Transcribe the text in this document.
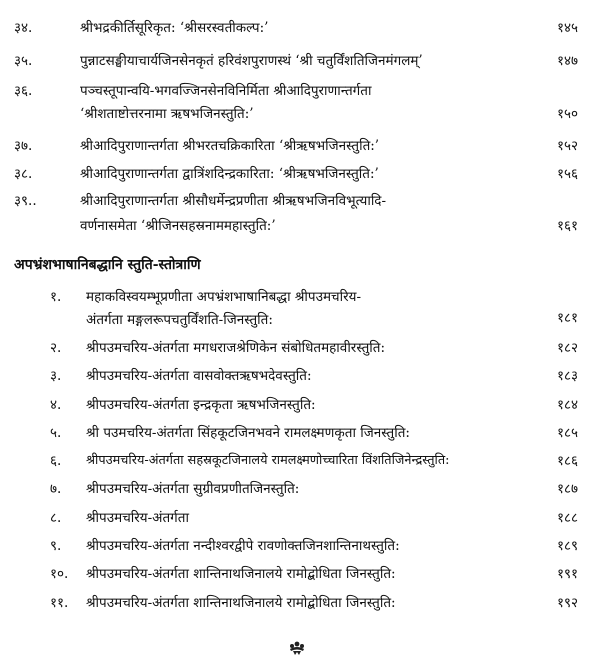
३४.	श्रीभद्रकीर्तिसूरिकृत: ‘श्रीसरस्वतीकल्प:’	१४५
३५.	पुन्नाटसङ्घीयाचार्यजिनसेनकृतं हरिवंशपुराणस्थं ‘श्री चतुर्विंशतिजिनमंगलम्’	१४७
३६.	पञ्चस्तूपान्वयि-भगवज्जिनसेनविनिर्मिता श्रीआदिपुराणान्तर्गता
‘श्रीशताष्टोत्तरनामा ऋषभजिनस्तुति:’	१५०
३७.	श्रीआदिपुराणान्तर्गता श्रीभरतचक्रिकारिता ‘श्रीऋषभजिनस्तुति:’	१५२
३८.	श्रीआदिपुराणान्तर्गता द्वात्रिंशदिन्द्रकारिता: ‘श्रीऋषभजिनस्तुति:’	१५६
३९..	श्रीआदिपुराणान्तर्गता श्रीसौधर्मेन्द्रप्रणीता श्रीऋषभजिनविभूत्यादि-
वर्णनासमेता ‘श्रीजिनसहस्रनाममहास्तुति:’	१६१
अपभ्रंशभाषानिबद्धानि स्तुति-स्तोत्राणि
१. महाकविस्वयम्भूप्रणीता अपभ्रंशभाषानिबद्धा श्रीपउमचरिय-
अंतर्गता मङ्गलरूपचतुर्विंशति-जिनस्तुति:	१८१
२. श्रीपउमचरिय-अंतर्गता मगधराजश्रेणिकेन संबोधितमहावीरस्तुति:	१८२
३. श्रीपउमचरिय-अंतर्गता वासवोक्तऋषभदेवस्तुति:	१८३
४. श्रीपउमचरिय-अंतर्गता इन्द्रकृता ऋषभजिनस्तुति:	१८४
५. श्री पउमचरिय-अंतर्गता सिंहकूटजिनभवने रामलक्ष्मणकृता जिनस्तुति:	१८५
६. श्रीपउमचरिय-अंतर्गता सहस्रकूटजिनालये रामलक्ष्मणोच्चारिता विंशतिजिनेन्द्रस्तुति:	१८६
७. श्रीपउमचरिय-अंतर्गता सुग्रीवप्रणीतजिनस्तुति:	१८७
८. श्रीपउमचरिय-अंतर्गता	१८८
९. श्रीपउमचरिय-अंतर्गता नन्दीश्वरद्वीपे रावणोक्तजिनशान्तिनाथस्तुति:	१८९
१०. श्रीपउमचरिय-अंतर्गता शान्तिनाथजिनालये रामोद्बोधिता जिनस्तुति:	१९१
११. श्रीपउमचरिय-अंतर्गता शान्तिनाथजिनालये रामोद्बोधिता जिनस्तुति:	१९२
